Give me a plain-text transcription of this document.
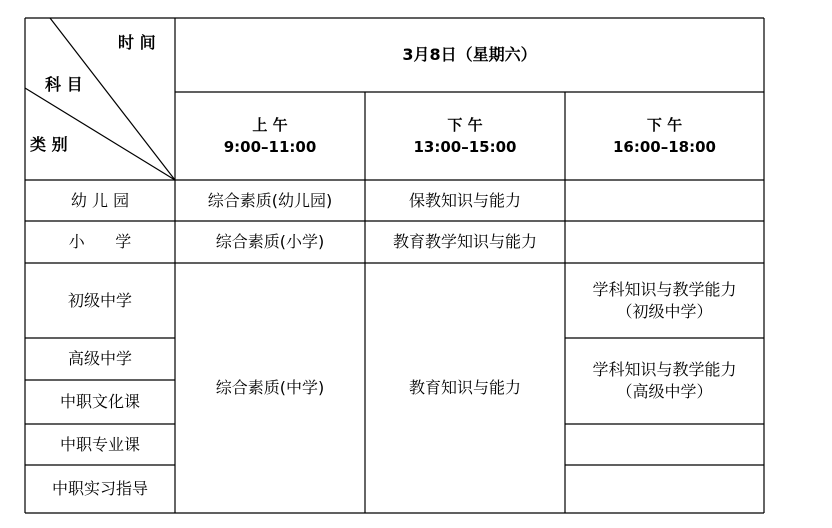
时 间
科 目
类 别
3月8日（星期六）
上 午
9:00–11:00
下 午
13:00–15:00
下 午
16:00–18:00
幼 儿 园
小      学
初级中学
高级中学
中职文化课
中职专业课
中职实习指导
综合素质(幼儿园)
综合素质(小学)
综合素质(中学)
保教知识与能力
教育教学知识与能力
教育知识与能力
学科知识与教学能力
（初级中学）
学科知识与教学能力
（高级中学）
